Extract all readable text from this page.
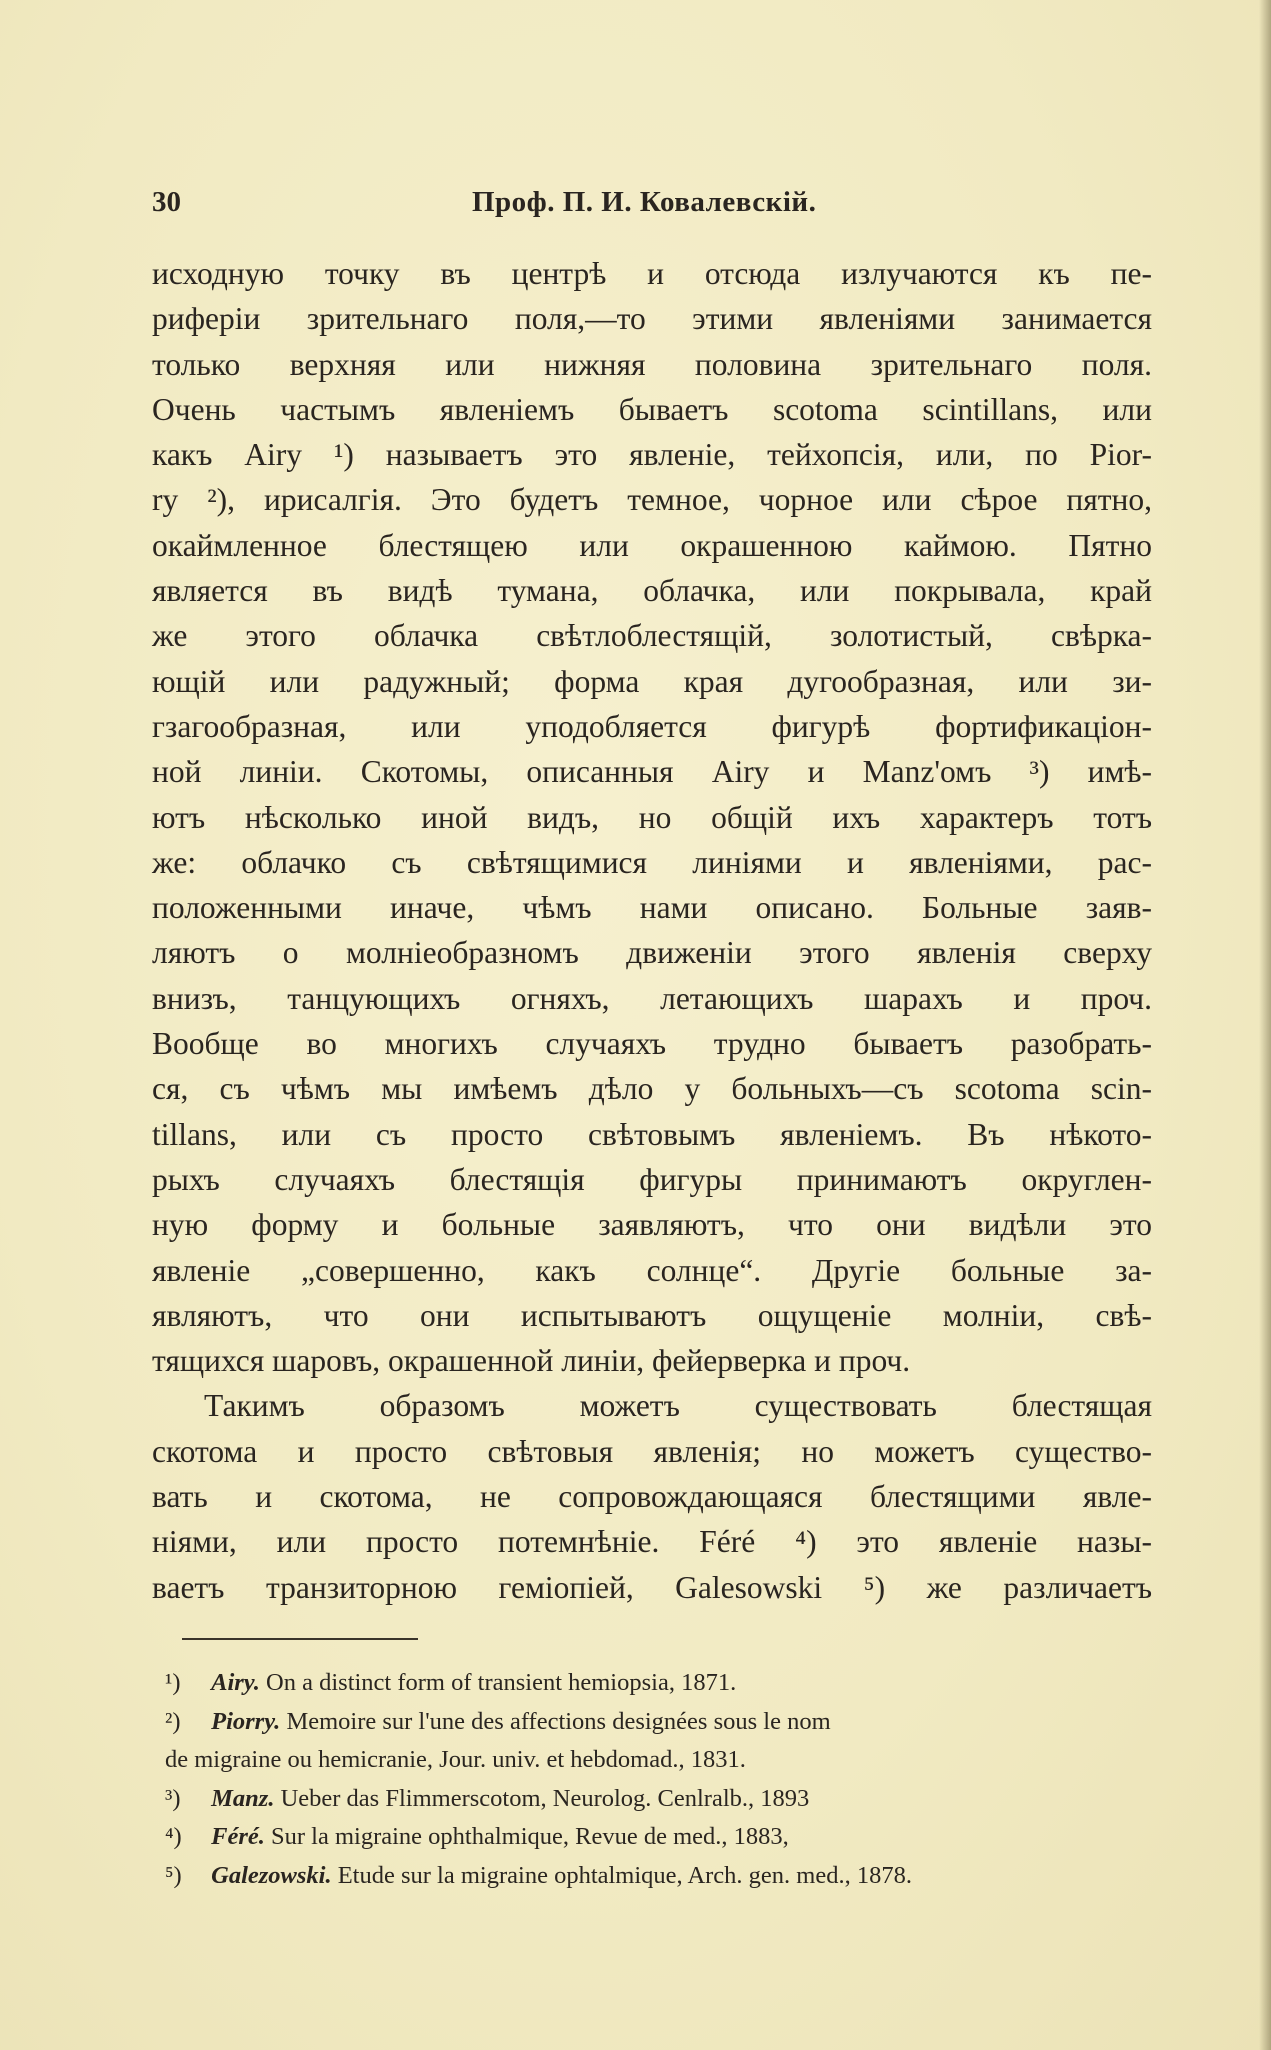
30	Проф. П. И. Ковалевскій.
исходную точку въ центрѣ и отсюда излучаются къ пе-
риферіи зрительнаго поля,—то этими явленіями занимается
только верхняя или нижняя половина зрительнаго поля.
Очень частымъ явленіемъ бываетъ scotoma scintillans, или
какъ Airy ¹) называетъ это явленіе, тейхопсія, или, по Pior-
ry ²), ирисалгія. Это будетъ темное, чорное или сѣрое пятно,
окаймленное блестящею или окрашенною каймою. Пятно
является въ видѣ тумана, облачка, или покрывала, край
же этого облачка свѣтлоблестящій, золотистый, свѣрка-
ющій или радужный; форма края дугообразная, или зи-
гзагообразная, или уподобляется фигурѣ фортификаціон-
ной линіи. Скотомы, описанныя Airy и Manz'омъ ³) имѣ-
ютъ нѣсколько иной видъ, но общій ихъ характеръ тотъ
же: облачко съ свѣтящимися линіями и явленіями, рас-
положенными иначе, чѣмъ нами описано. Больные заяв-
ляютъ о молніеобразномъ движеніи этого явленія сверху
внизъ, танцующихъ огняхъ, летающихъ шарахъ и проч.
Вообще во многихъ случаяхъ трудно бываетъ разобрать-
ся, съ чѣмъ мы имѣемъ дѣло у больныхъ—съ scotoma scin-
tillans, или съ просто свѣтовымъ явленіемъ. Въ нѣкото-
рыхъ случаяхъ блестящія фигуры принимаютъ округлен-
ную форму и больные заявляютъ, что они видѣли это
явленіе „совершенно, какъ солнце“. Другіе больные за-
являютъ, что они испытываютъ ощущеніе молніи, свѣ-
тящихся шаровъ, окрашенной линіи, фейерверка и проч.
Такимъ образомъ можетъ существовать блестящая
скотома и просто свѣтовыя явленія; но можетъ существо-
вать и скотома, не сопровождающаяся блестящими явле-
ніями, или просто потемнѣніе. Féré ⁴) это явленіе назы-
ваетъ транзиторною гемiопiей, Galesowski ⁵) же различаетъ
¹) Airy. On a distinct form of transient hemiopsia, 1871.
²) Piorry. Memoire sur l'une des affections designées sous le nom
de migraine ou hemicranie, Jour. univ. et hebdomad., 1831.
³) Manz. Ueber das Flimmerscotom, Neurolog. Cenlralb., 1893
⁴) Féré. Sur la migraine ophthalmique, Revue de med., 1883,
⁵) Galezowski. Etude sur la migraine ophtalmique, Arch. gen. med., 1878.
